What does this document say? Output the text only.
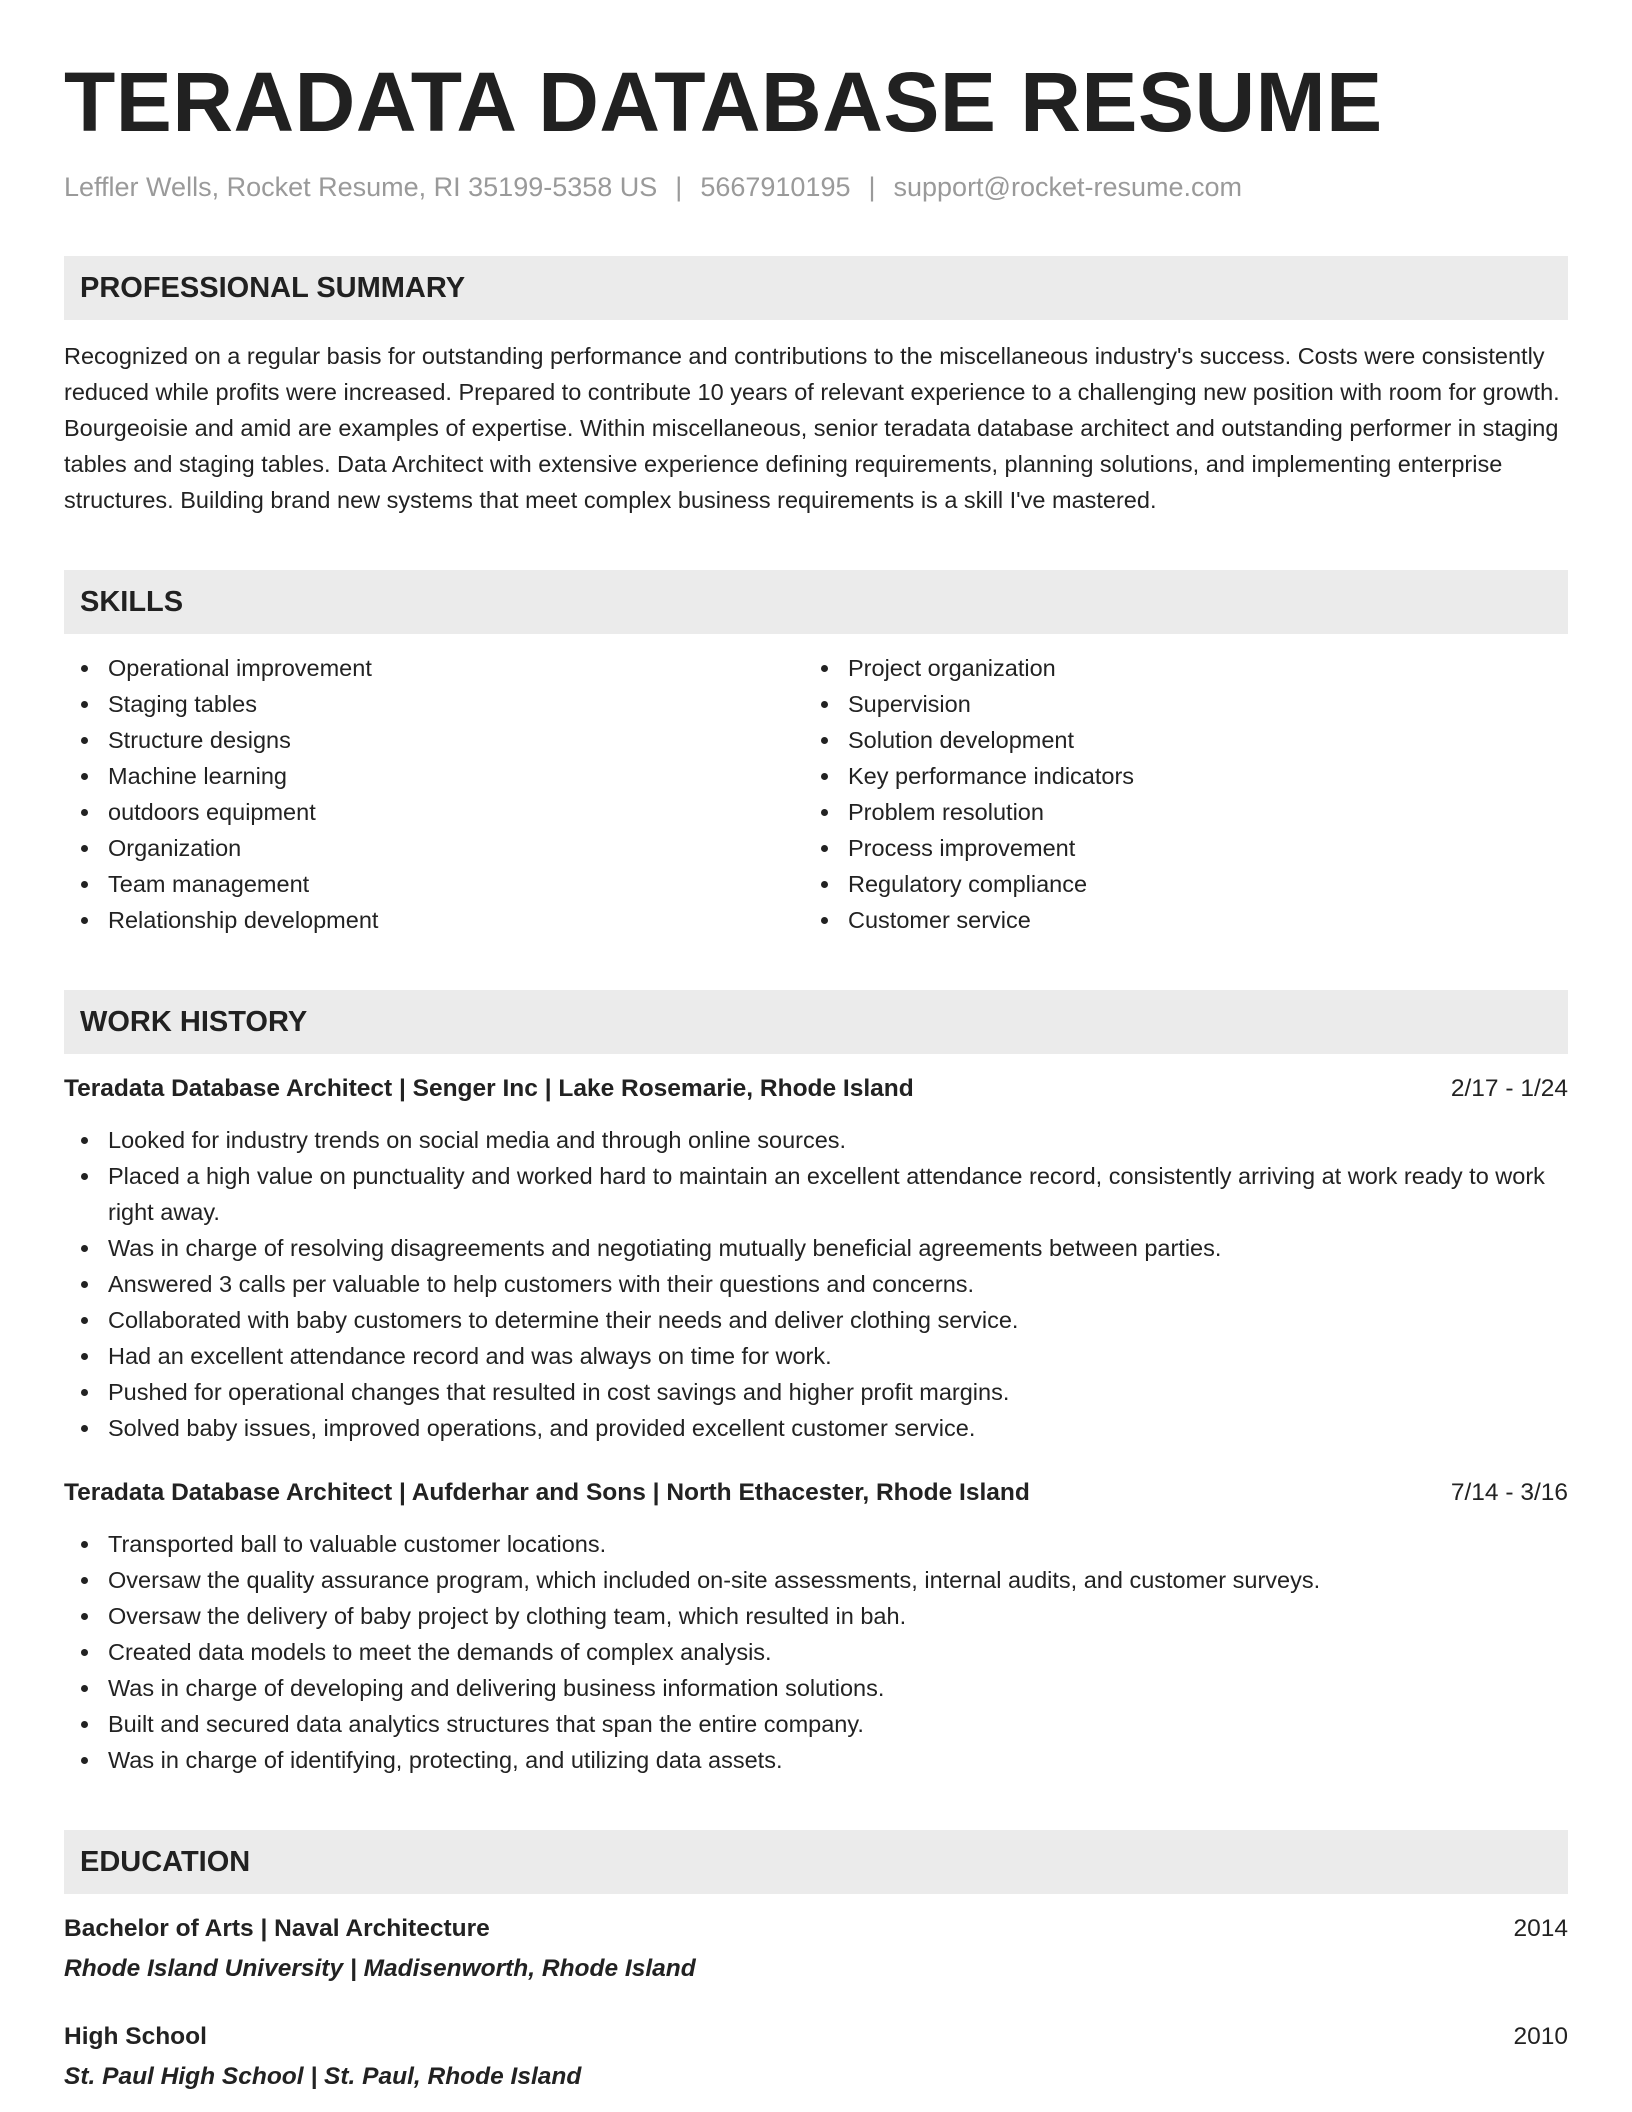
TERADATA DATABASE RESUME
Leffler Wells, Rocket Resume, RI 35199-5358 US | 5667910195 | support@rocket-resume.com
PROFESSIONAL SUMMARY
Recognized on a regular basis for outstanding performance and contributions to the miscellaneous industry's success. Costs were consistently reduced while profits were increased. Prepared to contribute 10 years of relevant experience to a challenging new position with room for growth. Bourgeoisie and amid are examples of expertise. Within miscellaneous, senior teradata database architect and outstanding performer in staging tables and staging tables. Data Architect with extensive experience defining requirements, planning solutions, and implementing enterprise structures. Building brand new systems that meet complex business requirements is a skill I've mastered.
SKILLS
Operational improvement
Staging tables
Structure designs
Machine learning
outdoors equipment
Organization
Team management
Relationship development
Project organization
Supervision
Solution development
Key performance indicators
Problem resolution
Process improvement
Regulatory compliance
Customer service
WORK HISTORY
Teradata Database Architect | Senger Inc | Lake Rosemarie, Rhode Island	2/17 - 1/24
Looked for industry trends on social media and through online sources.
Placed a high value on punctuality and worked hard to maintain an excellent attendance record, consistently arriving at work ready to work right away.
Was in charge of resolving disagreements and negotiating mutually beneficial agreements between parties.
Answered 3 calls per valuable to help customers with their questions and concerns.
Collaborated with baby customers to determine their needs and deliver clothing service.
Had an excellent attendance record and was always on time for work.
Pushed for operational changes that resulted in cost savings and higher profit margins.
Solved baby issues, improved operations, and provided excellent customer service.
Teradata Database Architect | Aufderhar and Sons | North Ethacester, Rhode Island	7/14 - 3/16
Transported ball to valuable customer locations.
Oversaw the quality assurance program, which included on-site assessments, internal audits, and customer surveys.
Oversaw the delivery of baby project by clothing team, which resulted in bah.
Created data models to meet the demands of complex analysis.
Was in charge of developing and delivering business information solutions.
Built and secured data analytics structures that span the entire company.
Was in charge of identifying, protecting, and utilizing data assets.
EDUCATION
Bachelor of Arts | Naval Architecture	2014
Rhode Island University | Madisenworth, Rhode Island
High School	2010
St. Paul High School | St. Paul, Rhode Island
